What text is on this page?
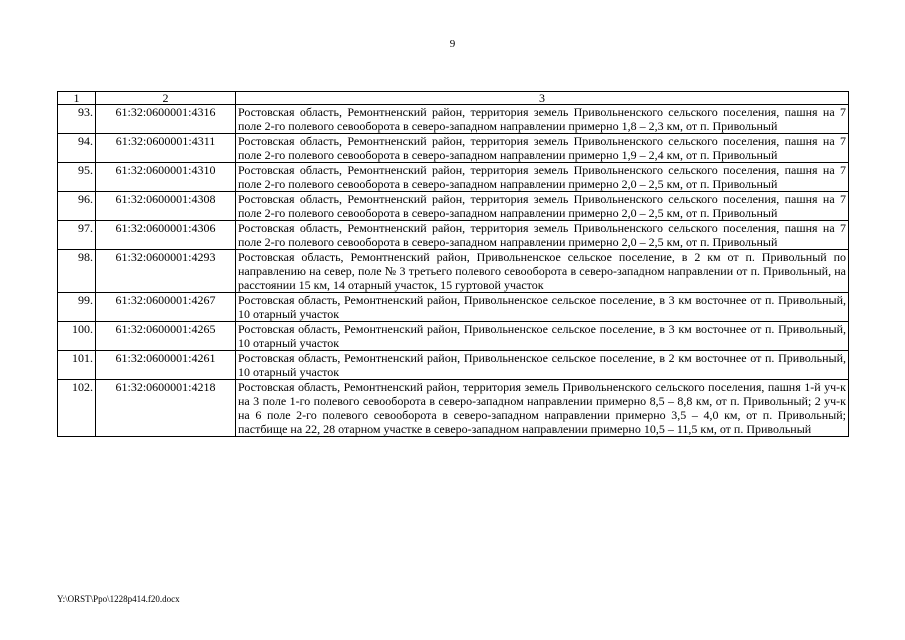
9
1	2	3
93.	61:32:0600001:4316	Ростовская область, Ремонтненский район, территория земель Привольненского сельского поселения, пашня на 7 поле 2-го полевого севооборота в северо-западном направлении примерно 1,8 – 2,3 км, от п. Привольный
94.	61:32:0600001:4311	Ростовская область, Ремонтненский район, территория земель Привольненского сельского поселения, пашня на 7 поле 2-го полевого севооборота в северо-западном направлении примерно 1,9 – 2,4 км, от п. Привольный
95.	61:32:0600001:4310	Ростовская область, Ремонтненский район, территория земель Привольненского сельского поселения, пашня на 7 поле 2-го полевого севооборота в северо-западном направлении примерно 2,0 – 2,5 км, от п. Привольный
96.	61:32:0600001:4308	Ростовская область, Ремонтненский район, территория земель Привольненского сельского поселения, пашня на 7 поле 2-го полевого севооборота в северо-западном направлении примерно 2,0 – 2,5 км, от п. Привольный
97.	61:32:0600001:4306	Ростовская область, Ремонтненский район, территория земель Привольненского сельского поселения, пашня на 7 поле 2-го полевого севооборота в северо-западном направлении примерно 2,0 – 2,5 км, от п. Привольный
98.	61:32:0600001:4293	Ростовская область, Ремонтненский район, Привольненское сельское поселение, в 2 км от п. Привольный по направлению на север, поле № 3 третьего полевого севооборота в северо-западном направлении от п. Привольный, на расстоянии 15 км, 14 отарный участок, 15 гуртовой участок
99.	61:32:0600001:4267	Ростовская область, Ремонтненский район, Привольненское сельское поселение, в 3 км восточнее от п. Привольный, 10 отарный участок
100.	61:32:0600001:4265	Ростовская область, Ремонтненский район, Привольненское сельское поселение, в 3 км восточнее от п. Привольный, 10 отарный участок
101.	61:32:0600001:4261	Ростовская область, Ремонтненский район, Привольненское сельское поселение, в 2 км восточнее от п. Привольный, 10 отарный участок
102.	61:32:0600001:4218	Ростовская область, Ремонтненский район, территория земель Привольненского сельского поселения, пашня 1-й уч-к на 3 поле 1-го полевого севооборота в северо-западном направлении примерно 8,5 – 8,8 км, от п. Привольный; 2 уч-к на 6 поле 2-го полевого севооборота в северо-западном направлении примерно 3,5 – 4,0 км, от п. Привольный; пастбище на 22, 28 отарном участке в северо-западном направлении примерно 10,5 – 11,5 км, от п. Привольный
Y:\ORST\Ppo\1228p414.f20.docx
